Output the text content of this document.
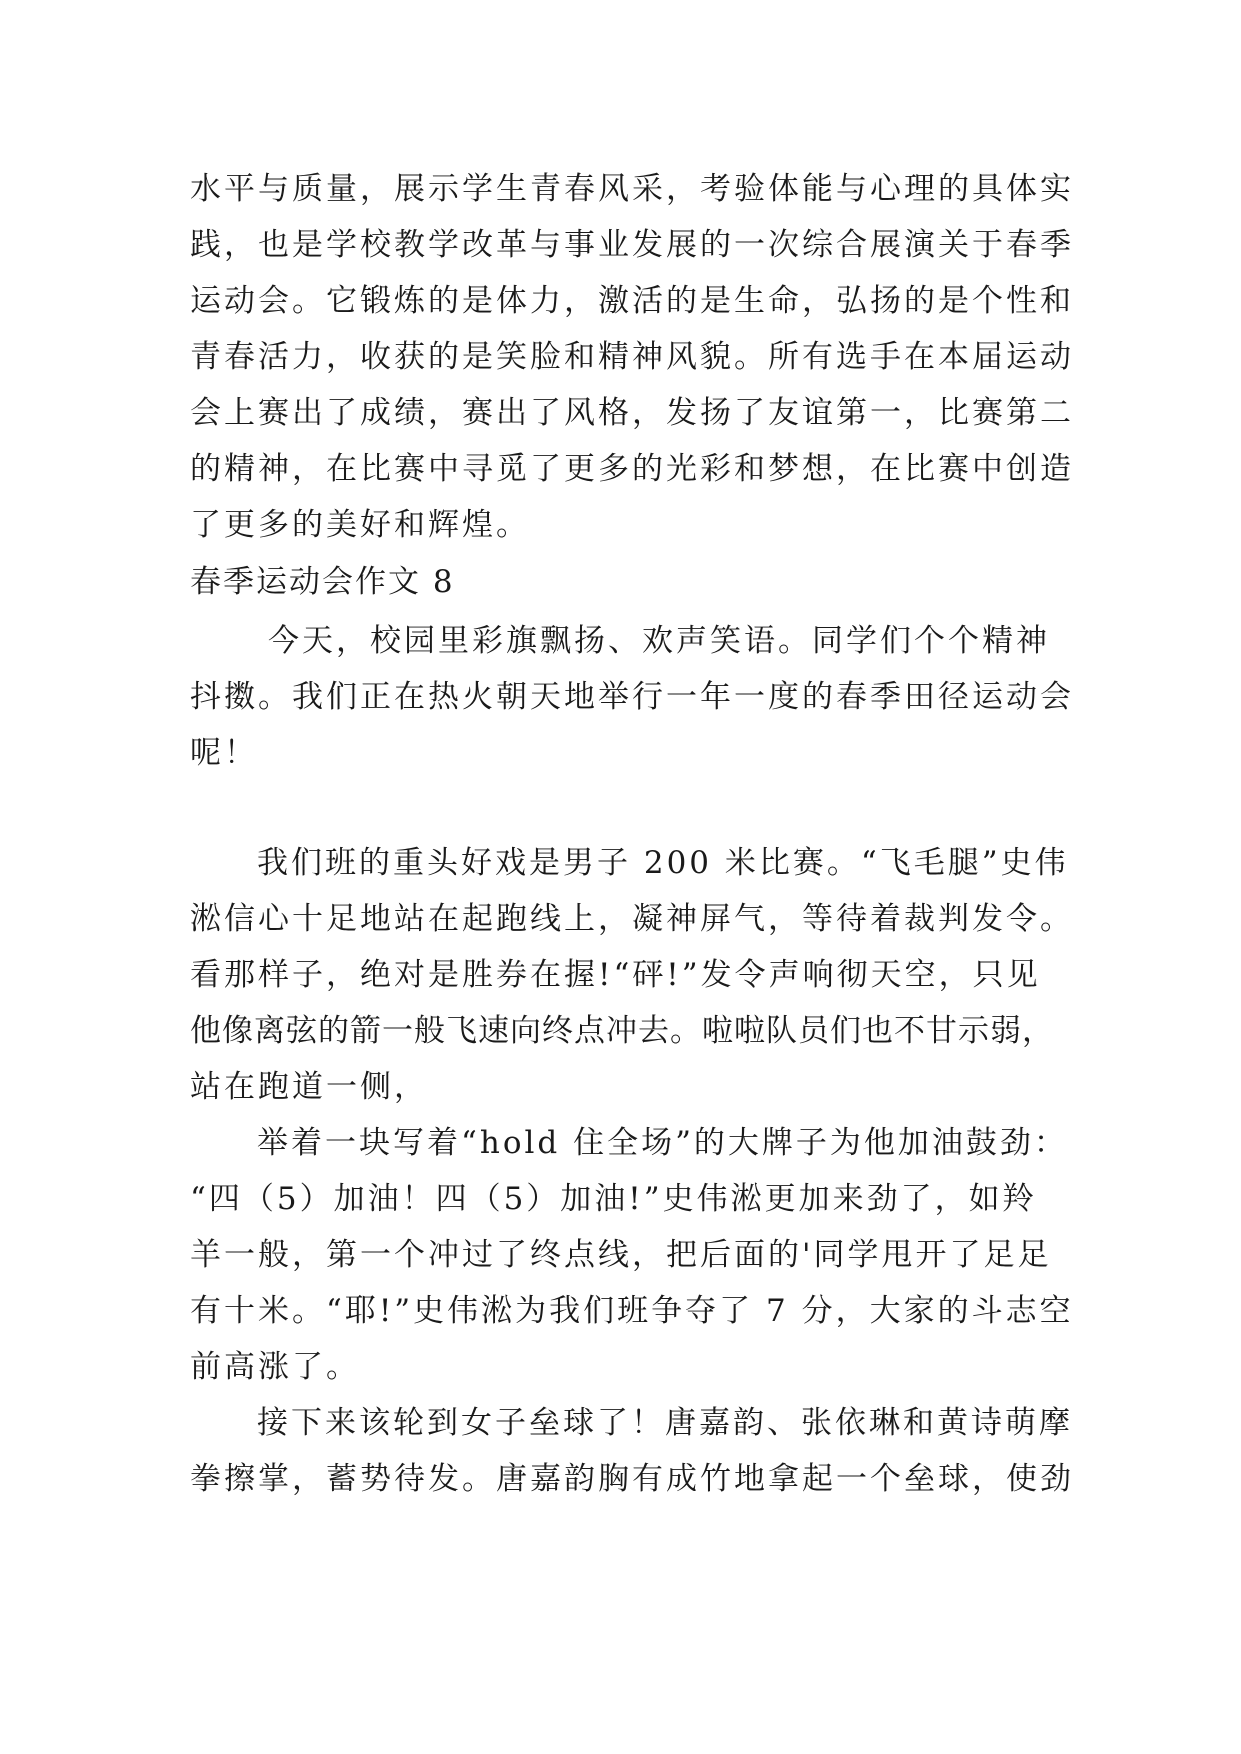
水平与质量，展示学生青春风采，考验体能与心理的具体实
践，也是学校教学改革与事业发展的一次综合展演关于春季
运动会。它锻炼的是体力，激活的是生命，弘扬的是个性和
青春活力，收获的是笑脸和精神风貌。所有选手在本届运动
会上赛出了成绩，赛出了风格，发扬了友谊第一，比赛第二
的精神，在比赛中寻觅了更多的光彩和梦想，在比赛中创造
了更多的美好和辉煌。
春季运动会作文 8
今天，校园里彩旗飘扬、欢声笑语。同学们个个精神
抖擞。我们正在热火朝天地举行一年一度的春季田径运动会
呢！
我们班的重头好戏是男子 200 米比赛。“飞毛腿”史伟
淞信心十足地站在起跑线上，凝神屏气，等待着裁判发令。
看那样子，绝对是胜券在握!“砰!”发令声响彻天空，只见
他像离弦的箭一般飞速向终点冲去。啦啦队员们也不甘示弱，
站在跑道一侧，
举着一块写着“hold 住全场”的大牌子为他加油鼓劲：
“四（5）加油！四（5）加油!”史伟淞更加来劲了，如羚
羊一般，第一个冲过了终点线，把后面的'同学甩开了足足
有十米。“耶!”史伟淞为我们班争夺了 7 分，大家的斗志空
前高涨了。
接下来该轮到女子垒球了！唐嘉韵、张依琳和黄诗萌摩
拳擦掌，蓄势待发。唐嘉韵胸有成竹地拿起一个垒球，使劲
